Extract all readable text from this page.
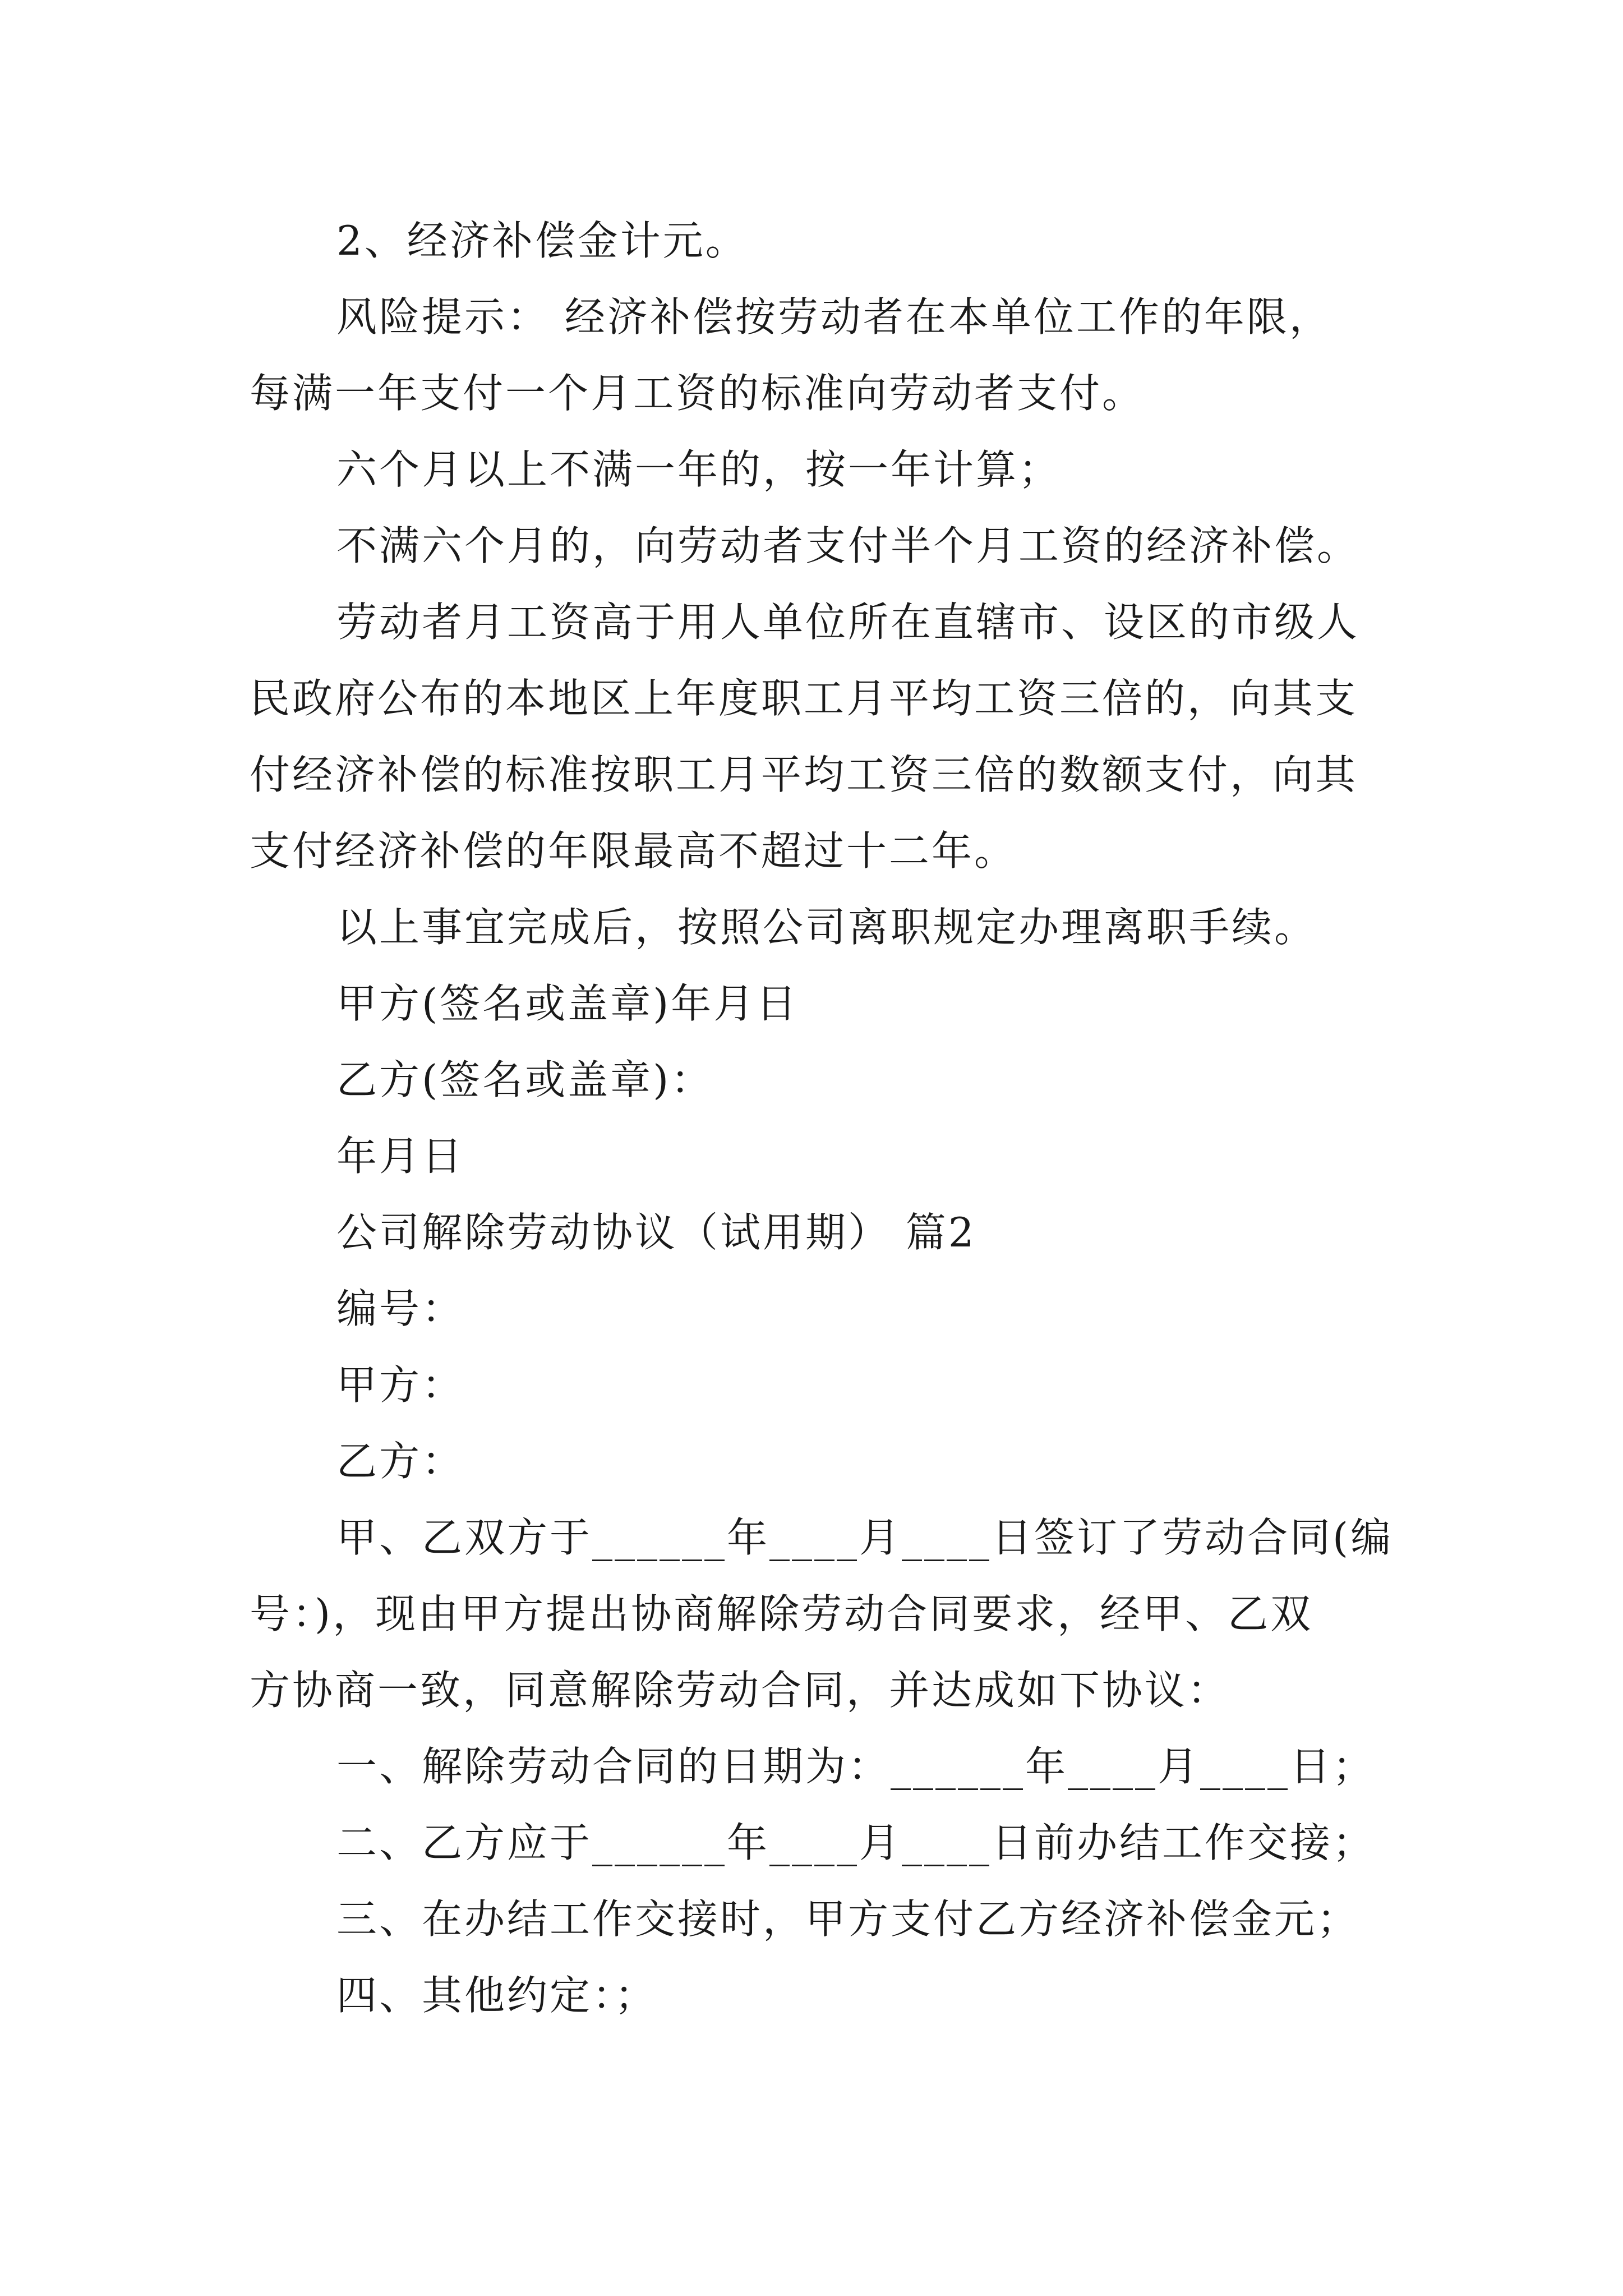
2、经济补偿金计元。
风险提示： 经济补偿按劳动者在本单位工作的年限，
每满一年支付一个月工资的标准向劳动者支付。
六个月以上不满一年的，按一年计算；
不满六个月的，向劳动者支付半个月工资的经济补偿。
劳动者月工资高于用人单位所在直辖市、设区的市级人
民政府公布的本地区上年度职工月平均工资三倍的，向其支
付经济补偿的标准按职工月平均工资三倍的数额支付，向其
支付经济补偿的年限最高不超过十二年。
以上事宜完成后，按照公司离职规定办理离职手续。
甲方(签名或盖章)年月日
乙方(签名或盖章)：
年月日
公司解除劳动协议（试用期） 篇2
编号：
甲方：
乙方：
甲、乙双方于______年____月____日签订了劳动合同(编
号：)，现由甲方提出协商解除劳动合同要求，经甲、乙双
方协商一致，同意解除劳动合同，并达成如下协议：
一、解除劳动合同的日期为：______年____月____日；
二、乙方应于______年____月____日前办结工作交接；
三、在办结工作交接时，甲方支付乙方经济补偿金元；
四、其他约定：；
